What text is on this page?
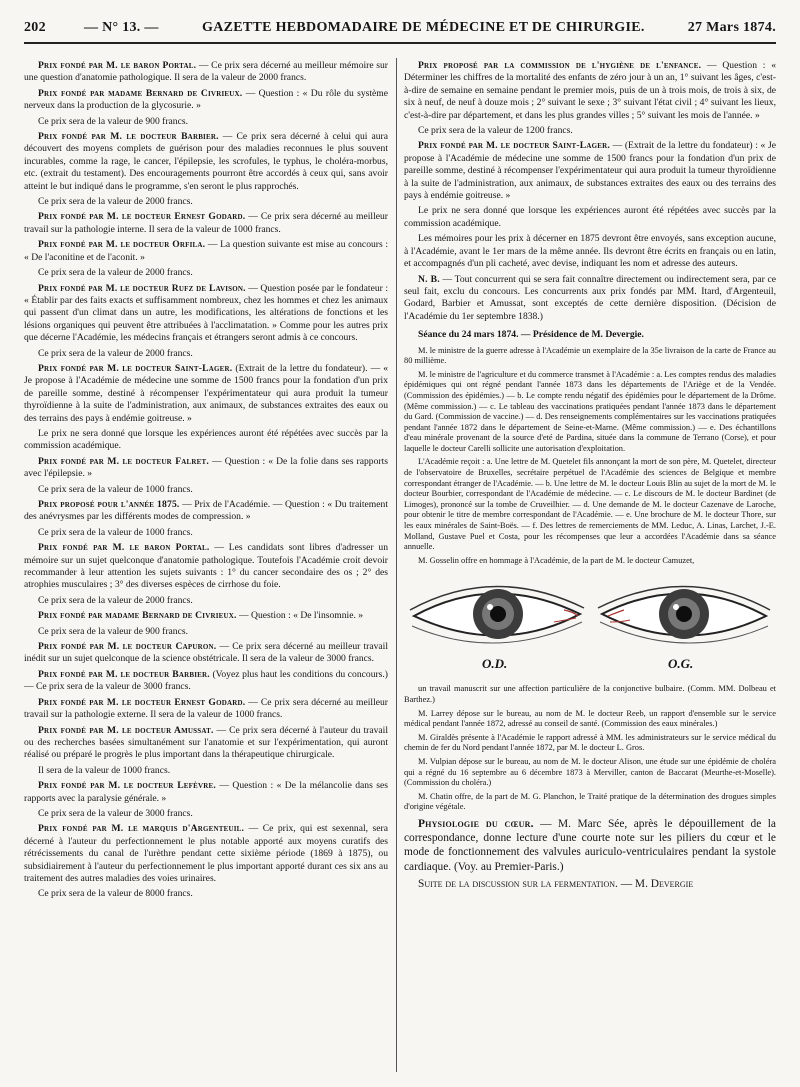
202	— N° 13. —	GAZETTE HEBDOMADAIRE DE MÉDECINE ET DE CHIRURGIE.	27 Mars 1874.

Prix fondé par M. le baron Portal. — Ce prix sera décerné au meilleur mémoire sur une question d'anatomie pathologique. Il sera de la valeur de 2000 francs.

Prix fondé par madame Bernard de Civrieux. — Question : « Du rôle du système nerveux dans la production de la glycosurie. »

Ce prix sera de la valeur de 900 francs.

Prix fondé par M. le docteur Barbier. — Ce prix sera décerné à celui qui aura découvert des moyens complets de guérison pour des maladies reconnues le plus souvent incurables, comme la rage, le cancer, l'épilepsie, les scrofules, le typhus, le choléra-morbus, etc. (extrait du testament). Des encouragements pourront être accordés à ceux qui, sans avoir atteint le but indiqué dans le programme, s'en seront le plus rapprochés.

Ce prix sera de la valeur de 2000 francs.

Prix fondé par M. le docteur Ernest Godard. — Ce prix sera décerné au meilleur travail sur la pathologie interne. Il sera de la valeur de 1000 francs.

Prix fondé par M. le docteur Orfila. — La question suivante est mise au concours : « De l'aconitine et de l'aconit. »

Ce prix sera de la valeur de 2000 francs.

Prix fondé par M. le docteur Rufz de Lavison. — Question posée par le fondateur : « Établir par des faits exacts et suffisamment nombreux, chez les hommes et chez les animaux qui passent d'un climat dans un autre, les modifications, les altérations de fonctions et les lésions organiques qui peuvent être attribuées à l'acclimatation. » Comme pour les autres prix que décerne l'Académie, les médecins français et étrangers seront admis à ce concours.

Ce prix sera de la valeur de 2000 francs.

Prix fondé par M. le docteur Saint-Lager. (Extrait de la lettre du fondateur). — « Je propose à l'Académie de médecine une somme de 1500 francs pour la fondation d'un prix de pareille somme, destiné à récompenser l'expérimentateur qui aura produit la tumeur thyroïdienne à la suite de l'administration, aux animaux, de substances extraites des eaux ou des terrains des pays à endémie goitreuse. »

Le prix ne sera donné que lorsque les expériences auront été répétées avec succès par la commission académique.

Prix fondé par M. le docteur Falret. — Question : « De la folie dans ses rapports avec l'épilepsie. »

Ce prix sera de la valeur de 1000 francs.

Prix proposé pour l'année 1875. — Prix de l'Académie. — Question : « Du traitement des anévrysmes par les différents modes de compression. »

Ce prix sera de la valeur de 1000 francs.

Prix fondé par M. le baron Portal. — Les candidats sont libres d'adresser un mémoire sur un sujet quelconque d'anatomie pathologique. Toutefois l'Académie croit devoir recommander à leur attention les sujets suivants : 1° du cancer secondaire des os ; 2° des atrophies musculaires ; 3° des diverses espèces de cirrhose du foie.

Ce prix sera de la valeur de 2000 francs.

Prix fondé par madame Bernard de Civrieux. — Question : « De l'insomnie. »

Ce prix sera de la valeur de 900 francs.

Prix fondé par M. le docteur Capuron. — Ce prix sera décerné au meilleur travail inédit sur un sujet quelconque de la science obstétricale. Il sera de la valeur de 3000 francs.

Prix fondé par M. le docteur Barbier. (Voyez plus haut les conditions du concours.) — Ce prix sera de la valeur de 3000 francs.

Prix fondé par M. le docteur Ernest Godard. — Ce prix sera décerné au meilleur travail sur la pathologie externe. Il sera de la valeur de 1000 francs.

Prix fondé par M. le docteur Amussat. — Ce prix sera décerné à l'auteur du travail ou des recherches basées simultanément sur l'anatomie et sur l'expérimentation, qui auront réalisé ou préparé le progrès le plus important dans la thérapeutique chirurgicale.

Il sera de la valeur de 1000 francs.

Prix fondé par M. le docteur Lefèvre. — Question : « De la mélancolie dans ses rapports avec la paralysie générale. »

Ce prix sera de la valeur de 3000 francs.

Prix fondé par M. le marquis d'Argenteuil. — Ce prix, qui est sexennal, sera décerné à l'auteur du perfectionnement le plus notable apporté aux moyens curatifs des rétrécissements du canal de l'urèthre pendant cette sixième période (1869 à 1875), ou subsidiairement à l'auteur du perfectionnement le plus important apporté durant ces six ans au traitement des autres maladies des voies urinaires.

Ce prix sera de la valeur de 8000 francs.

Prix proposé par la commission de l'hygiène de l'enfance. — Question : « Déterminer les chiffres de la mortalité des enfants de zéro jour à un an, 1° suivant les âges, c'est-à-dire de semaine en semaine pendant le premier mois, puis de un à trois mois, de trois à six, de six à neuf, de neuf à douze mois ; 2° suivant le sexe ; 3° suivant l'état civil ; 4° suivant les lieux, c'est-à-dire par département, et dans les plus grandes villes ; 5° suivant les mois de l'année. »

Ce prix sera de la valeur de 1200 francs.

Prix fondé par M. le docteur Saint-Lager. — (Extrait de la lettre du fondateur) : « Je propose à l'Académie de médecine une somme de 1500 francs pour la fondation d'un prix de pareille somme, destiné à récompenser l'expérimentateur qui aura produit la tumeur thyroïdienne à la suite de l'administration, aux animaux, de substances extraites des eaux ou des terrains des pays à endémie goitreuse. »

Le prix ne sera donné que lorsque les expériences auront été répétées avec succès par la commission académique.

Les mémoires pour les prix à décerner en 1875 devront être envoyés, sans exception aucune, à l'Académie, avant le 1er mars de la même année. Ils devront être écrits en français ou en latin, et accompagnés d'un pli cacheté, avec devise, indiquant les nom et adresse des auteurs.

N. B. — Tout concurrent qui se sera fait connaître directement ou indirectement sera, par ce seul fait, exclu du concours. Les concurrents aux prix fondés par MM. Itard, d'Argenteuil, Godard, Barbier et Amussat, sont exceptés de cette dernière disposition. (Décision de l'Académie du 1er septembre 1838.)

Séance du 24 mars 1874. — Présidence de M. Devergie.

M. le ministre de la guerre adresse à l'Académie un exemplaire de la 35e livraison de la carte de France au 80 millième.

M. le ministre de l'agriculture et du commerce transmet à l'Académie : a. Les comptes rendus des maladies épidémiques qui ont régné pendant l'année 1873 dans les départements de l'Ariège et de la Vendée. (Commission des épidémies.) — b. Le compte rendu négatif des épidémies pour le département de la Drôme. (Même commission.) — c. Le tableau des vaccinations pratiquées pendant l'année 1873 dans le département du Gard. (Commission de vaccine.) — d. Des renseignements complémentaires sur les vaccinations pratiquées pendant l'année 1872 dans le département de Seine-et-Marne. (Même commission.) — e. Des échantillons d'eau minérale provenant de la source d'eté de Pardina, située dans la commune de Terrano (Corse), et pour laquelle le docteur Carelli sollicite une autorisation d'exploitation.

L'Académie reçoit : a. Une lettre de M. Quetelet fils annonçant la mort de son père, M. Quetelet, directeur de l'observatoire de Bruxelles, secrétaire perpétuel de l'Académie des sciences de Belgique et membre correspondant étranger de l'Académie. — b. Une lettre de M. le docteur Louis Blin au sujet de la mort de M. le docteur Bourbier, correspondant de l'Académie de médecine. — c. Le discours de M. le docteur Bardinet (de Limoges), prononcé sur la tombe de Cruveilhier. — d. Une demande de M. le docteur Cazenave de Laroche, pour obtenir le titre de membre correspondant de l'Académie. — e. Une brochure de M. le docteur Thore, sur les eaux minérales de Saint-Boës. — f. Des lettres de remerciements de MM. Leduc, A. Linas, Larchet, J.-E. Molland, Gustave Puel et Costa, pour les récompenses que leur a accordées l'Académie dans sa séance annuelle.

M. Gosselin offre en hommage à l'Académie, de la part de M. le docteur Camuzet,

O.D.	O.G.

un travail manuscrit sur une affection particulière de la conjonctive bulbaire. (Comm. MM. Dolbeau et Barthez.)

M. Larrey dépose sur le bureau, au nom de M. le docteur Reeb, un rapport d'ensemble sur le service médical pendant l'année 1872, adressé au conseil de santé. (Commission des eaux minérales.)

M. Giraldès présente à l'Académie le rapport adressé à MM. les administrateurs sur le service médical du chemin de fer du Nord pendant l'année 1872, par M. le docteur L. Gros.

M. Vulpian dépose sur le bureau, au nom de M. le docteur Alison, une étude sur une épidémie de choléra qui a régné du 16 septembre au 6 décembre 1873 à Merviller, canton de Baccarat (Meurthe-et-Moselle). (Commission du choléra.)

M. Chatin offre, de la part de M. G. Planchon, le Traité pratique de la détermination des drogues simples d'origine végétale.

Physiologie du cœur. — M. Marc Sée, après le dépouillement de la correspondance, donne lecture d'une courte note sur les piliers du cœur et le mode de fonctionnement des valvules auriculo-ventriculaires pendant la systole cardiaque. (Voy. au Premier-Paris.)

Suite de la discussion sur la fermentation. — M. Devergie
